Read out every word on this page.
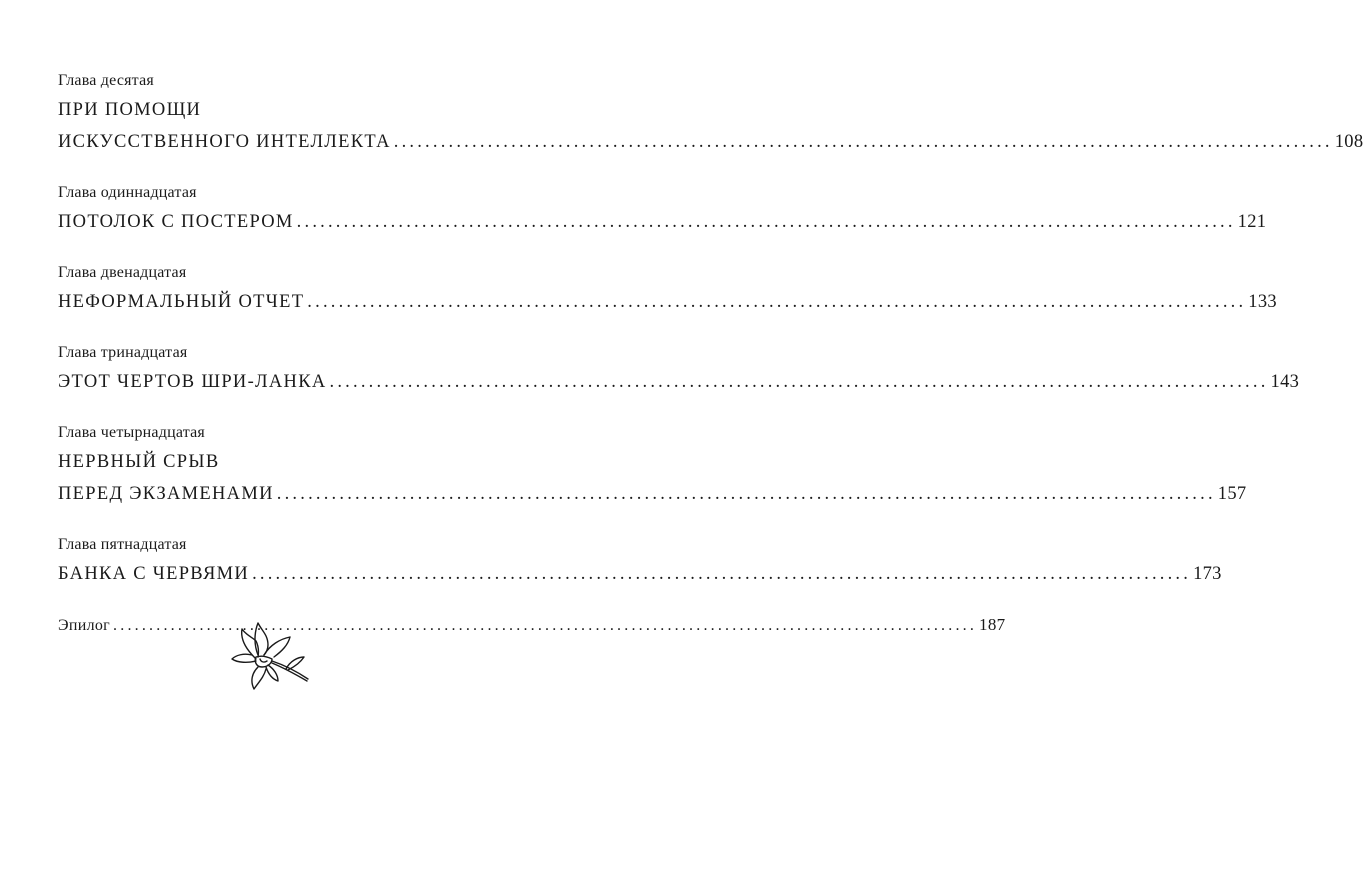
Глава десятая
ПРИ ПОМОЩИ
ИСКУССТВЕННОГО ИНТЕЛЛЕКТА ........................................................................................................................ 108
Глава одиннадцатая
ПОТОЛОК С ПОСТЕРОМ ........................................................................................................................ 121
Глава двенадцатая
НЕФОРМАЛЬНЫЙ ОТЧЕТ ........................................................................................................................ 133
Глава тринадцатая
ЭТОТ ЧЕРТОВ ШРИ-ЛАНКА ........................................................................................................................ 143
Глава четырнадцатая
НЕРВНЫЙ СРЫВ
ПЕРЕД ЭКЗАМЕНАМИ ........................................................................................................................ 157
Глава пятнадцатая
БАНКА С ЧЕРВЯМИ ........................................................................................................................ 173
Эпилог ........................................................................................................................ 187
